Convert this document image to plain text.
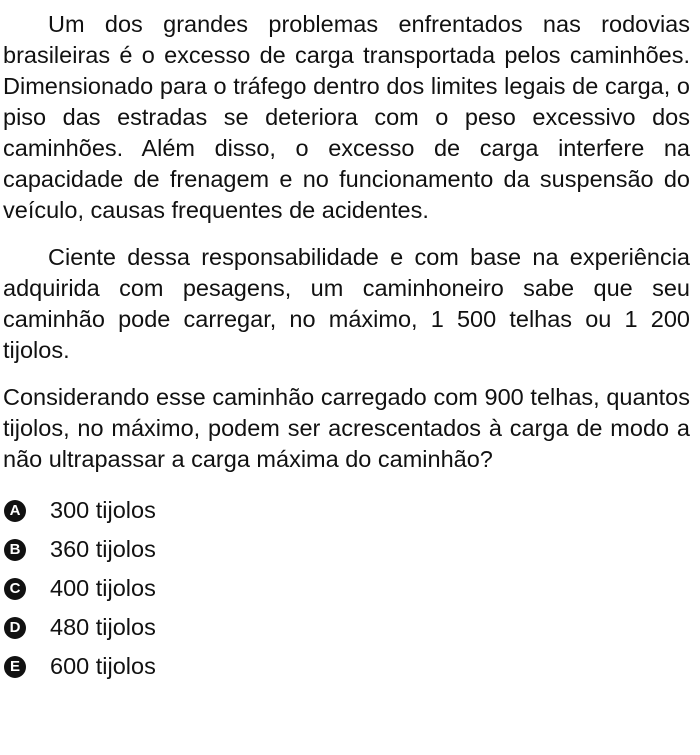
Um dos grandes problemas enfrentados nas rodovias brasileiras é o excesso de carga transportada pelos caminhões. Dimensionado para o tráfego dentro dos limites legais de carga, o piso das estradas se deteriora com o peso excessivo dos caminhões. Além disso, o excesso de carga interfere na capacidade de frenagem e no funcionamento da suspensão do veículo, causas frequentes de acidentes.

Ciente dessa responsabilidade e com base na experiência adquirida com pesagens, um caminhoneiro sabe que seu caminhão pode carregar, no máximo, 1 500 telhas ou 1 200 tijolos.

Considerando esse caminhão carregado com 900 telhas, quantos tijolos, no máximo, podem ser acrescentados à carga de modo a não ultrapassar a carga máxima do caminhão?

A 300 tijolos
B 360 tijolos
C 400 tijolos
D 480 tijolos
E 600 tijolos
